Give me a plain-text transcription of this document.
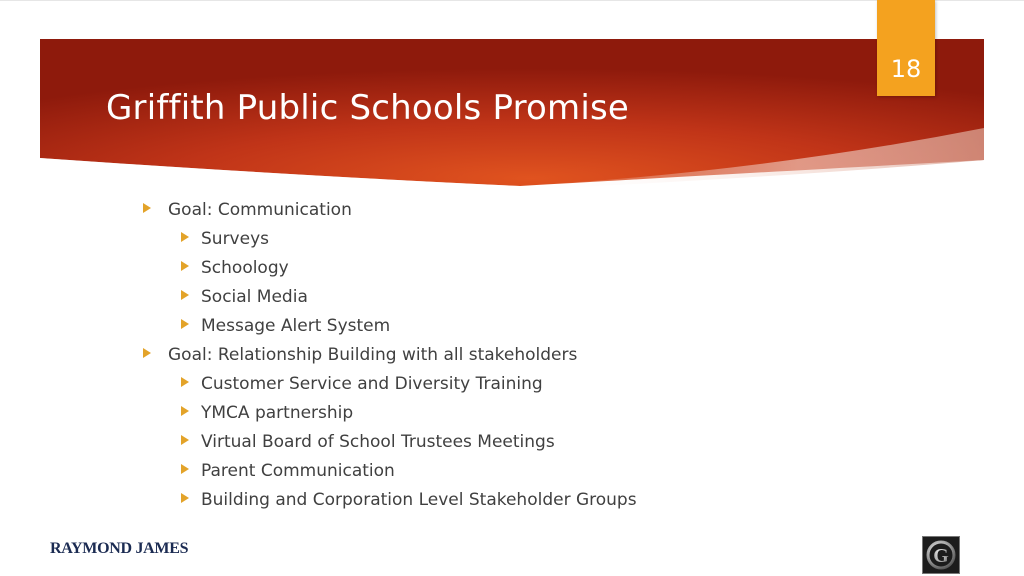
Griffith Public Schools Promise
18
Goal: Communication
Surveys
Schoology
Social Media
Message Alert System
Goal: Relationship Building with all stakeholders
Customer Service and Diversity Training
YMCA partnership
Virtual Board of School Trustees Meetings
Parent Communication
Building and Corporation Level Stakeholder Groups
RAYMOND JAMES	G
